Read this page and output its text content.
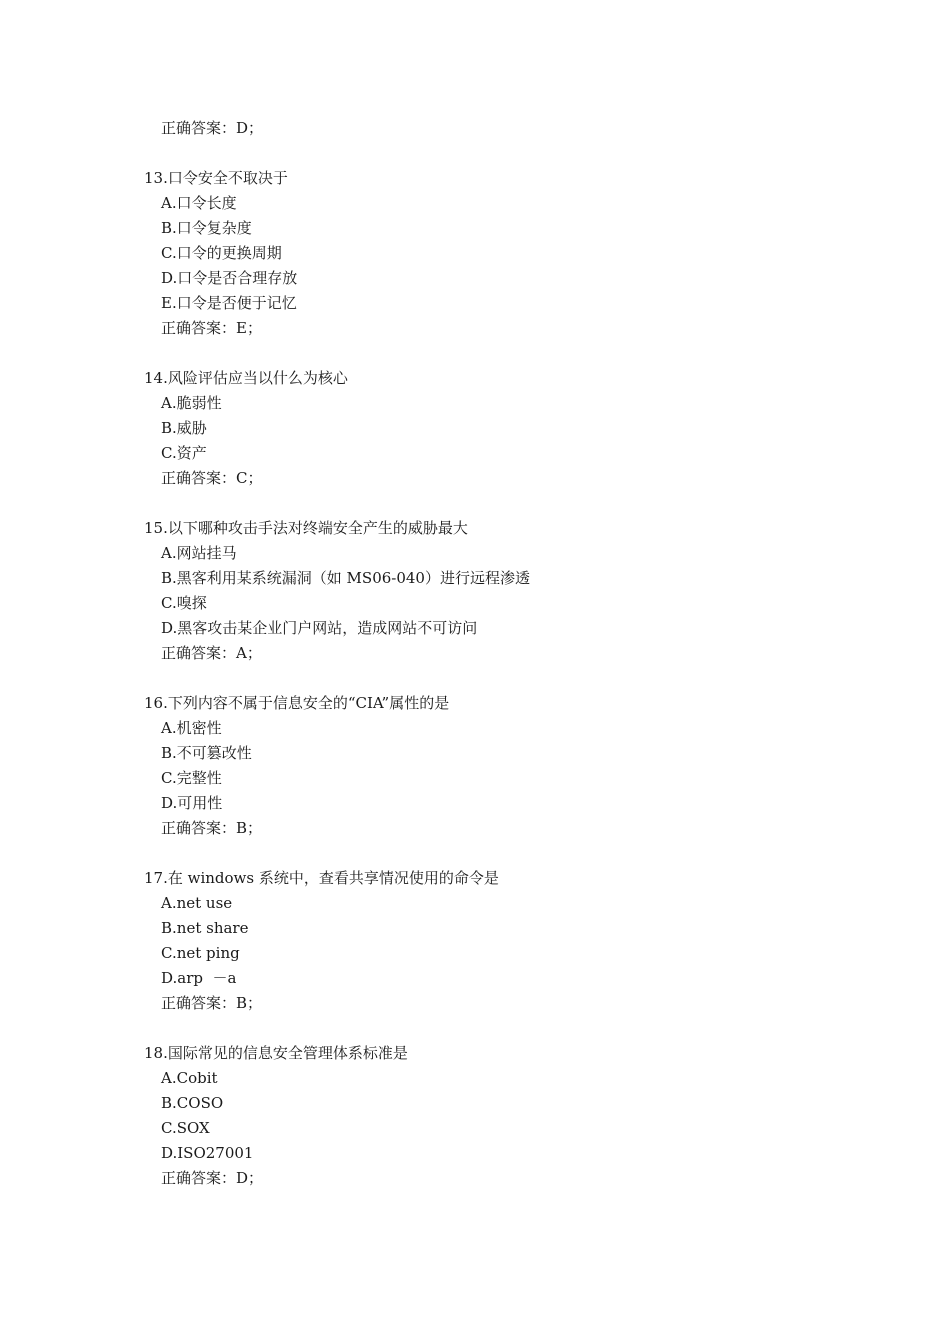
正确答案：D；
13.口令安全不取决于
A.口令长度
B.口令复杂度
C.口令的更换周期
D.口令是否合理存放
E.口令是否便于记忆
正确答案：E；
14.风险评估应当以什么为核心
A.脆弱性
B.威胁
C.资产
正确答案：C；
15.以下哪种攻击手法对终端安全产生的威胁最大
A.网站挂马
B.黑客利用某系统漏洞（如 MS06-040）进行远程渗透
C.嗅探
D.黑客攻击某企业门户网站，造成网站不可访问
正确答案：A；
16.下列内容不属于信息安全的“CIA”属性的是
A.机密性
B.不可篡改性
C.完整性
D.可用性
正确答案：B；
17.在 windows 系统中，查看共享情况使用的命令是
A.net use
B.net share
C.net ping
D.arp  －a
正确答案：B；
18.国际常见的信息安全管理体系标准是
A.Cobit
B.COSO
C.SOX
D.ISO27001
正确答案：D；
